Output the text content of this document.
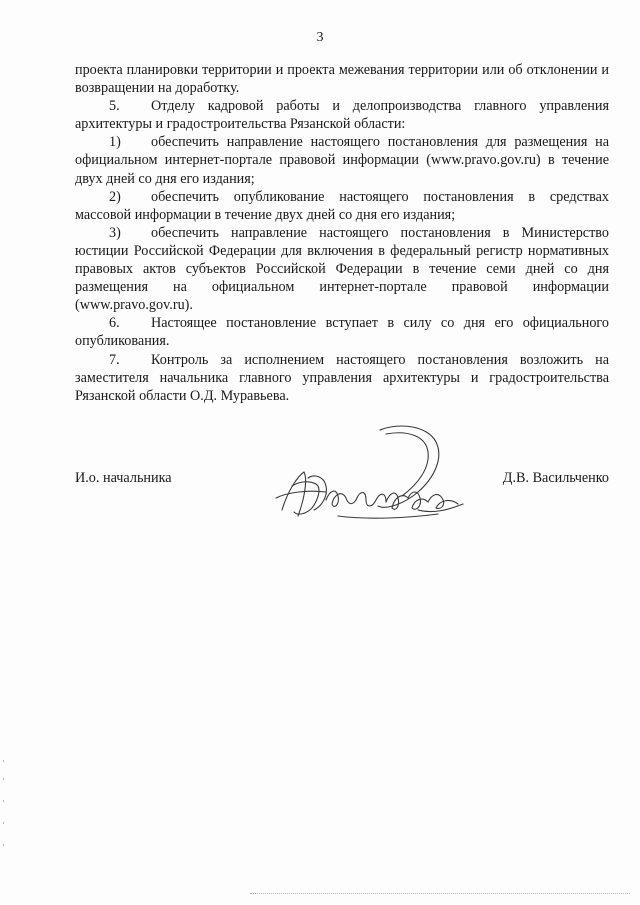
3

проекта планировки территории и проекта межевания территории или об отклонении и возвращении на доработку.

5. Отделу кадровой работы и делопроизводства главного управления архитектуры и градостроительства Рязанской области:

1) обеспечить направление настоящего постановления для размещения на официальном интернет-портале правовой информации (www.pravo.gov.ru) в течение двух дней со дня его издания;

2) обеспечить опубликование настоящего постановления в средствах массовой информации в течение двух дней со дня его издания;

3) обеспечить направление настоящего постановления в Министерство юстиции Российской Федерации для включения в федеральный регистр нормативных правовых актов субъектов Российской Федерации в течение семи дней со дня размещения на официальном интернет-портале правовой информации (www.pravo.gov.ru).

6. Настоящее постановление вступает в силу со дня его официального опубликования.

7. Контроль за исполнением настоящего постановления возложить на заместителя начальника главного управления архитектуры и градостроительства Рязанской области О.Д. Муравьева.

И.о. начальника	Д.В. Васильченко
